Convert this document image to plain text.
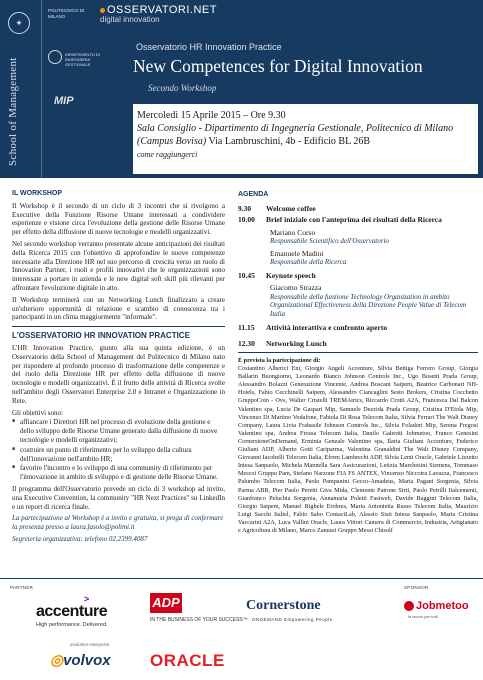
✦
School of Management
POLITECNICO DI MILANO
DIPARTIMENTO DI INGEGNERIA GESTIONALE
MIP
OSSERVATORI.NET
digital innovation
Osservatorio HR Innovation Practice
New Competences for Digital Innovation
Secondo Workshop
Mercoledì 15 Aprile 2015 – Ore 9.30
Sala Consiglio - Dipartimento di Ingegneria Gestionale, Politecnico di Milano
(Campus Bovisa) Via Lambruschini, 4b - Edificio BL 26B
come raggiungerci
IL WORKSHOP
Il Workshop è il secondo di un ciclo di 3 incontri che si rivolgono a Executive della Funzione Risorse Umane interessati a condividere esperienze e visione circa l'evoluzione della gestione delle Risorse Umane per effetto della diffusione di nuove tecnologie e modelli organizzativi.
Nel secondo workshop verranno presentate alcune anticipazioni dei risultati della Ricerca 2015 con l'obiettivo di approfondire le nuove competenze necessarie alla Direzione HR nel suo percorso di crescita verso un ruolo di Innovation Partner, i ruoli e profili innovativi che le organizzazioni sono interessate a portare in azienda e le new digital soft skill più rilevanti per affrontare l'evoluzione digitale in atto.
Il Workshop terminerà con un Networking Lunch finalizzato a creare un'ulteriore opportunità di relazione e scambio di conoscenza tra i partecipanti in un clima maggiormente "informale".
L'OSSERVATORIO HR INNOVATION PRACTICE
L'HR Innovation Practice, giunto alla sua quinta edizione, è un Osservatorio della School of Management del Politecnico di Milano nato per rispondere al profondo processo di trasformazione delle competenze e del ruolo della Direzione HR per effetto della diffusione di nuove tecnologie e modelli organizzativi. È il frutto delle attività di Ricerca svolte nell'ambito degli Osservatori Enterprise 2.0 e Intranet e Organizzazione in Rete.
Gli obiettivi sono:
■ affiancare i Direttori HR nel processo di evoluzione della gestione e dello sviluppo delle Risorse Umane generato dalla diffusione di nuove tecnologie e modelli organizzativi;
■ costruire un punto di riferimento per lo sviluppo della cultura dell'innovazione nell'ambito HR;
■ favorire l'incontro e lo sviluppo di una community di riferimento per l'innovazione in ambito di sviluppo e di gestione delle Risorse Umane.
Il programma dell'Osservatorio prevede un ciclo di 3 workshop ad invito, una Executive Convention, la community "HR Next Practices" su LinkedIn e un report di ricerca finale.
La partecipazione al Workshop è a invito e gratuita, si prega di confermare la presenza presso a laura.fasolo@polimi.it
Segreteria organizzativa: telefono 02.2399.4087
AGENDA
9.30	Welcome coffee
10.00	Brief iniziale con l'anteprima dei risultati della Ricerca
Mariano Corso
Responsabile Scientifico dell'Osservatorio
Emanuele Madini
Responsabile della Ricerca
10.45	Keynote speech
Giacomo Strazza
Responsabile della funzione Technology Organization in ambito Organizational Effectiveness della Direzione People Value di Telecom Italia
11.15	Attività interattiva e confronto aperto
12.30	Networking Lunch
È prevista la partecipazione di:
Costantino Alberici Eni, Giorgio Angeli Accenture, Silvia Bettiga Ferrero Group, Giorgia Ballarin Buongiorno, Leonardo Bianco Johnson Controls Inc., Ugo Bosetti Prada Group, Alessandro Bolazzi Generazione Vincente, Andrea Boscani Saipem, Beatrice Carbonari NH-Hotels, Fabio Cecchinelli Saipem, Alessandro Ciancaglini Sesto Brokers, Cristina Cocchetto GruppoCoin - Ovs, Walter Cristelli TREMAtrics, Riccardo Crotti A2A, Francesca Dal Balcon Valentino spa, Lucia De Gaspari Mip, Samuele Dezzida Prada Group, Cristina D'Etola Mip, Vincenzo Di Martino Vodafone, Fabiola Di Rosa Telecom Italia, Silvia Ferrari The Walt Disney Company, Laura Livia Frabasile Johnson Controls Inc., Silvia Foladori Mip, Serena Fregosi Valentino spa, Andrea Frossa Telecom Italia, Danilo Galeotti Jobmetoo, Franco Genesini CornerstoneOnDemand, Erminia Genzale Valentino spa, Ilaria Giuliani Accenture, Federico Giuliani ADP, Alberto Gotti Cariparma, Valentina Granaldini The Walt Disney Company, Giovanni Iacobelli Telecom Italia, Efrem Lambrecht ADP, Silvia Lenti Oracle, Gabriele Lizzetto Intesa Sanpaolo, Michela Mannella Sara Assicurazioni, Letizia Marchesini Siemens, Tommaso Mescoi Gruppo Pam, Stefano Narzone FIA FS ANTEX, Vincenzo Niccotra Lavazza, Francesco Palumbo Telecom Italia, Paolo Pampanini Gecco-Amadeus, Maria Pagani Sorgenia, Silvia Parma ABB, Pier Paolo Peretti Giva Mida, Clemente Patrone Sirti, Paolo Petrilli Italcementi, Gianfranco Peluchia Sorgenia, Annamaria Poletti Fastweb, Davide Raggini Telecom Italia, Giorgio Saipem, Manuel Righele Erobres, Maria Antonietta Russo Telecom Italia, Maurizio Luigi Sacchi Italtel, Fabio Sabo ContactLab, Alessio Sisti Intesa Sanpaolo, Maria Cristina Vaccarini A2A, Luca Vallini Oracle, Laura Vittori Camera di Commercio, Industria, Artigianato e Agricoltura di Milano, Marco Zanussi Gruppo Messi Chisolf
PARTNER	SPONSOR
>
accenture
High performance. Delivered.
ADP
IN THE BUSINESS OF YOUR SUCCESS™
Cornerstone
ONDEMAND Empowering People
Jobmetoo
la lavoro per tutti
evolution enterprise
◎volvox ORACLE
